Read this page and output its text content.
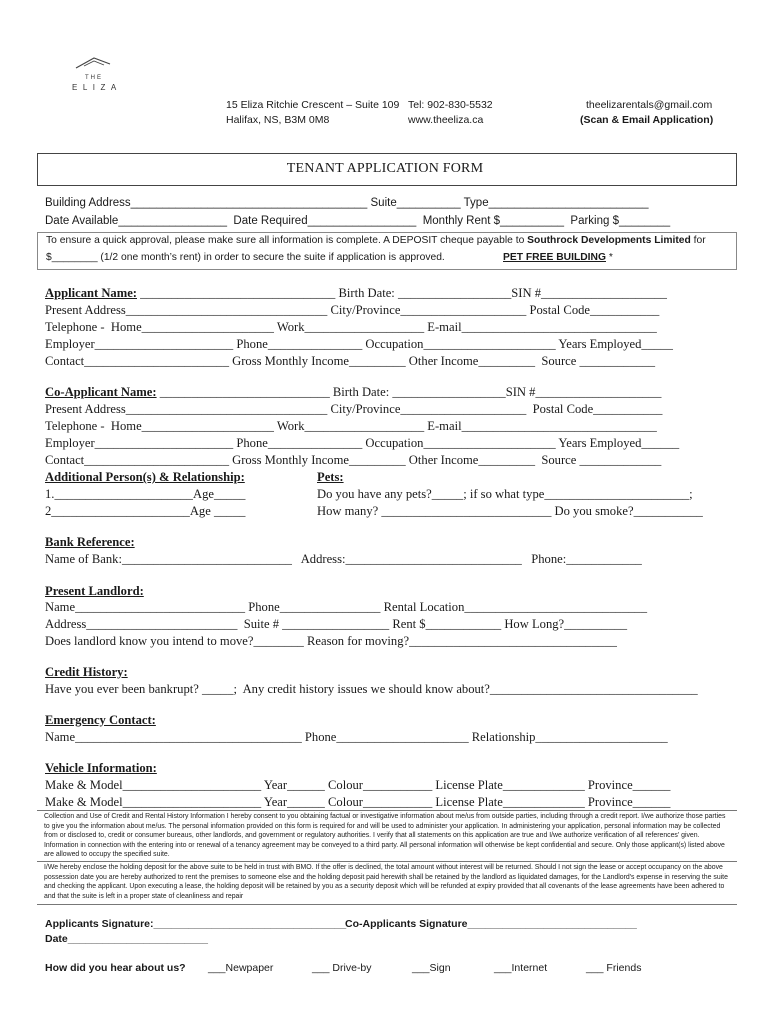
THE
ELIZA
15 Eliza Ritchie Crescent – Suite 109
Halifax, NS, B3M 0M8
Tel: 902-830-5532
www.theeliza.ca
theelizarentals@gmail.com
(Scan & Email Application)
TENANT APPLICATION FORM
Building Address_____________________________________ Suite__________ Type_________________________
Date Available_________________  Date Required_________________  Monthly Rent $__________  Parking $________
To ensure a quick approval, please make sure all information is complete. A DEPOSIT cheque payable to Southrock Developments Limited for
$________ (1/2 one month’s rent) in order to secure the suite if application is approved.	PET FREE BUILDING *
Applicant Name: _______________________________ Birth Date: __________________SIN #____________________
Present Address________________________________ City/Province____________________ Postal Code___________
Telephone -  Home_____________________ Work___________________ E-mail_______________________________
Employer______________________ Phone_______________ Occupation_____________________ Years Employed_____
Contact_______________________ Gross Monthly Income_________ Other Income_________  Source ____________
Co-Applicant Name: ___________________________ Birth Date: __________________SIN #____________________
Present Address________________________________ City/Province____________________  Postal Code___________
Telephone -  Home_____________________ Work___________________ E-mail_______________________________
Employer______________________ Phone_______________ Occupation_____________________ Years Employed______
Contact_______________________ Gross Monthly Income_________ Other Income_________  Source _____________
Additional Person(s) & Relationship:
1.______________________Age_____
2______________________Age _____
Pets:
Do you have any pets?_____; if so what type_______________________;
How many? ___________________________ Do you smoke?___________
Bank Reference:
Name of Bank:___________________________   Address:____________________________   Phone:____________
Present Landlord:
Name___________________________ Phone________________ Rental Location_____________________________
Address________________________  Suite # _________________ Rent $____________ How Long?__________
Does landlord know you intend to move?________ Reason for moving?_________________________________
Credit History:
Have you ever been bankrupt? _____;  Any credit history issues we should know about?_________________________________
Emergency Contact:
Name____________________________________ Phone_____________________ Relationship_____________________
Vehicle Information:
Make & Model______________________ Year______ Colour___________ License Plate_____________ Province______
Make & Model______________________ Year______ Colour___________ License Plate_____________ Province______
Collection and Use of Credit and Rental History Information I hereby consent to you obtaining factual or investigative information about me/us from outside parties, including through a credit report. I/we authorize those parties to give you the information about me/us. The personal information provided on this form is required for and will be used to administer your application. In administering your application, personal information may be collected from or disclosed to, credit or consumer bureaus, other landlords, and government or regulatory authorities. I verify that all statements on this application are true and I/we authorize verification of all references' given. Information in connection with the entering into or renewal of a tenancy agreement may be conveyed to a third party. All personal information will otherwise be kept confidential and secure. Only those applicant(s) listed above are allowed to occupy the specified suite.
I/We hereby enclose the holding deposit for the above suite to be held in trust with BMO. If the offer is declined, the total amount without interest will be returned. Should I not sign the lease or accept occupancy on the above possession date you are hereby authorized to rent the premises to someone else and the holding deposit paid herewith shall be retained by the landlord as liquidated damages, for the Landlord's expense in reserving the suite and checking the applicant. Upon executing a lease, the holding deposit will be retained by you as a security deposit which will be refunded at expiry provided that all covenants of the lease agreements have been adhered to and that the suite is left in a proper state of cleanliness and repair
Applicants Signature:_________________________________
Co-Applicants Signature_____________________________
Date________________________
How did you hear about us? ___Newpaper	___ Drive-by	___Sign	___Internet	___ Friends
